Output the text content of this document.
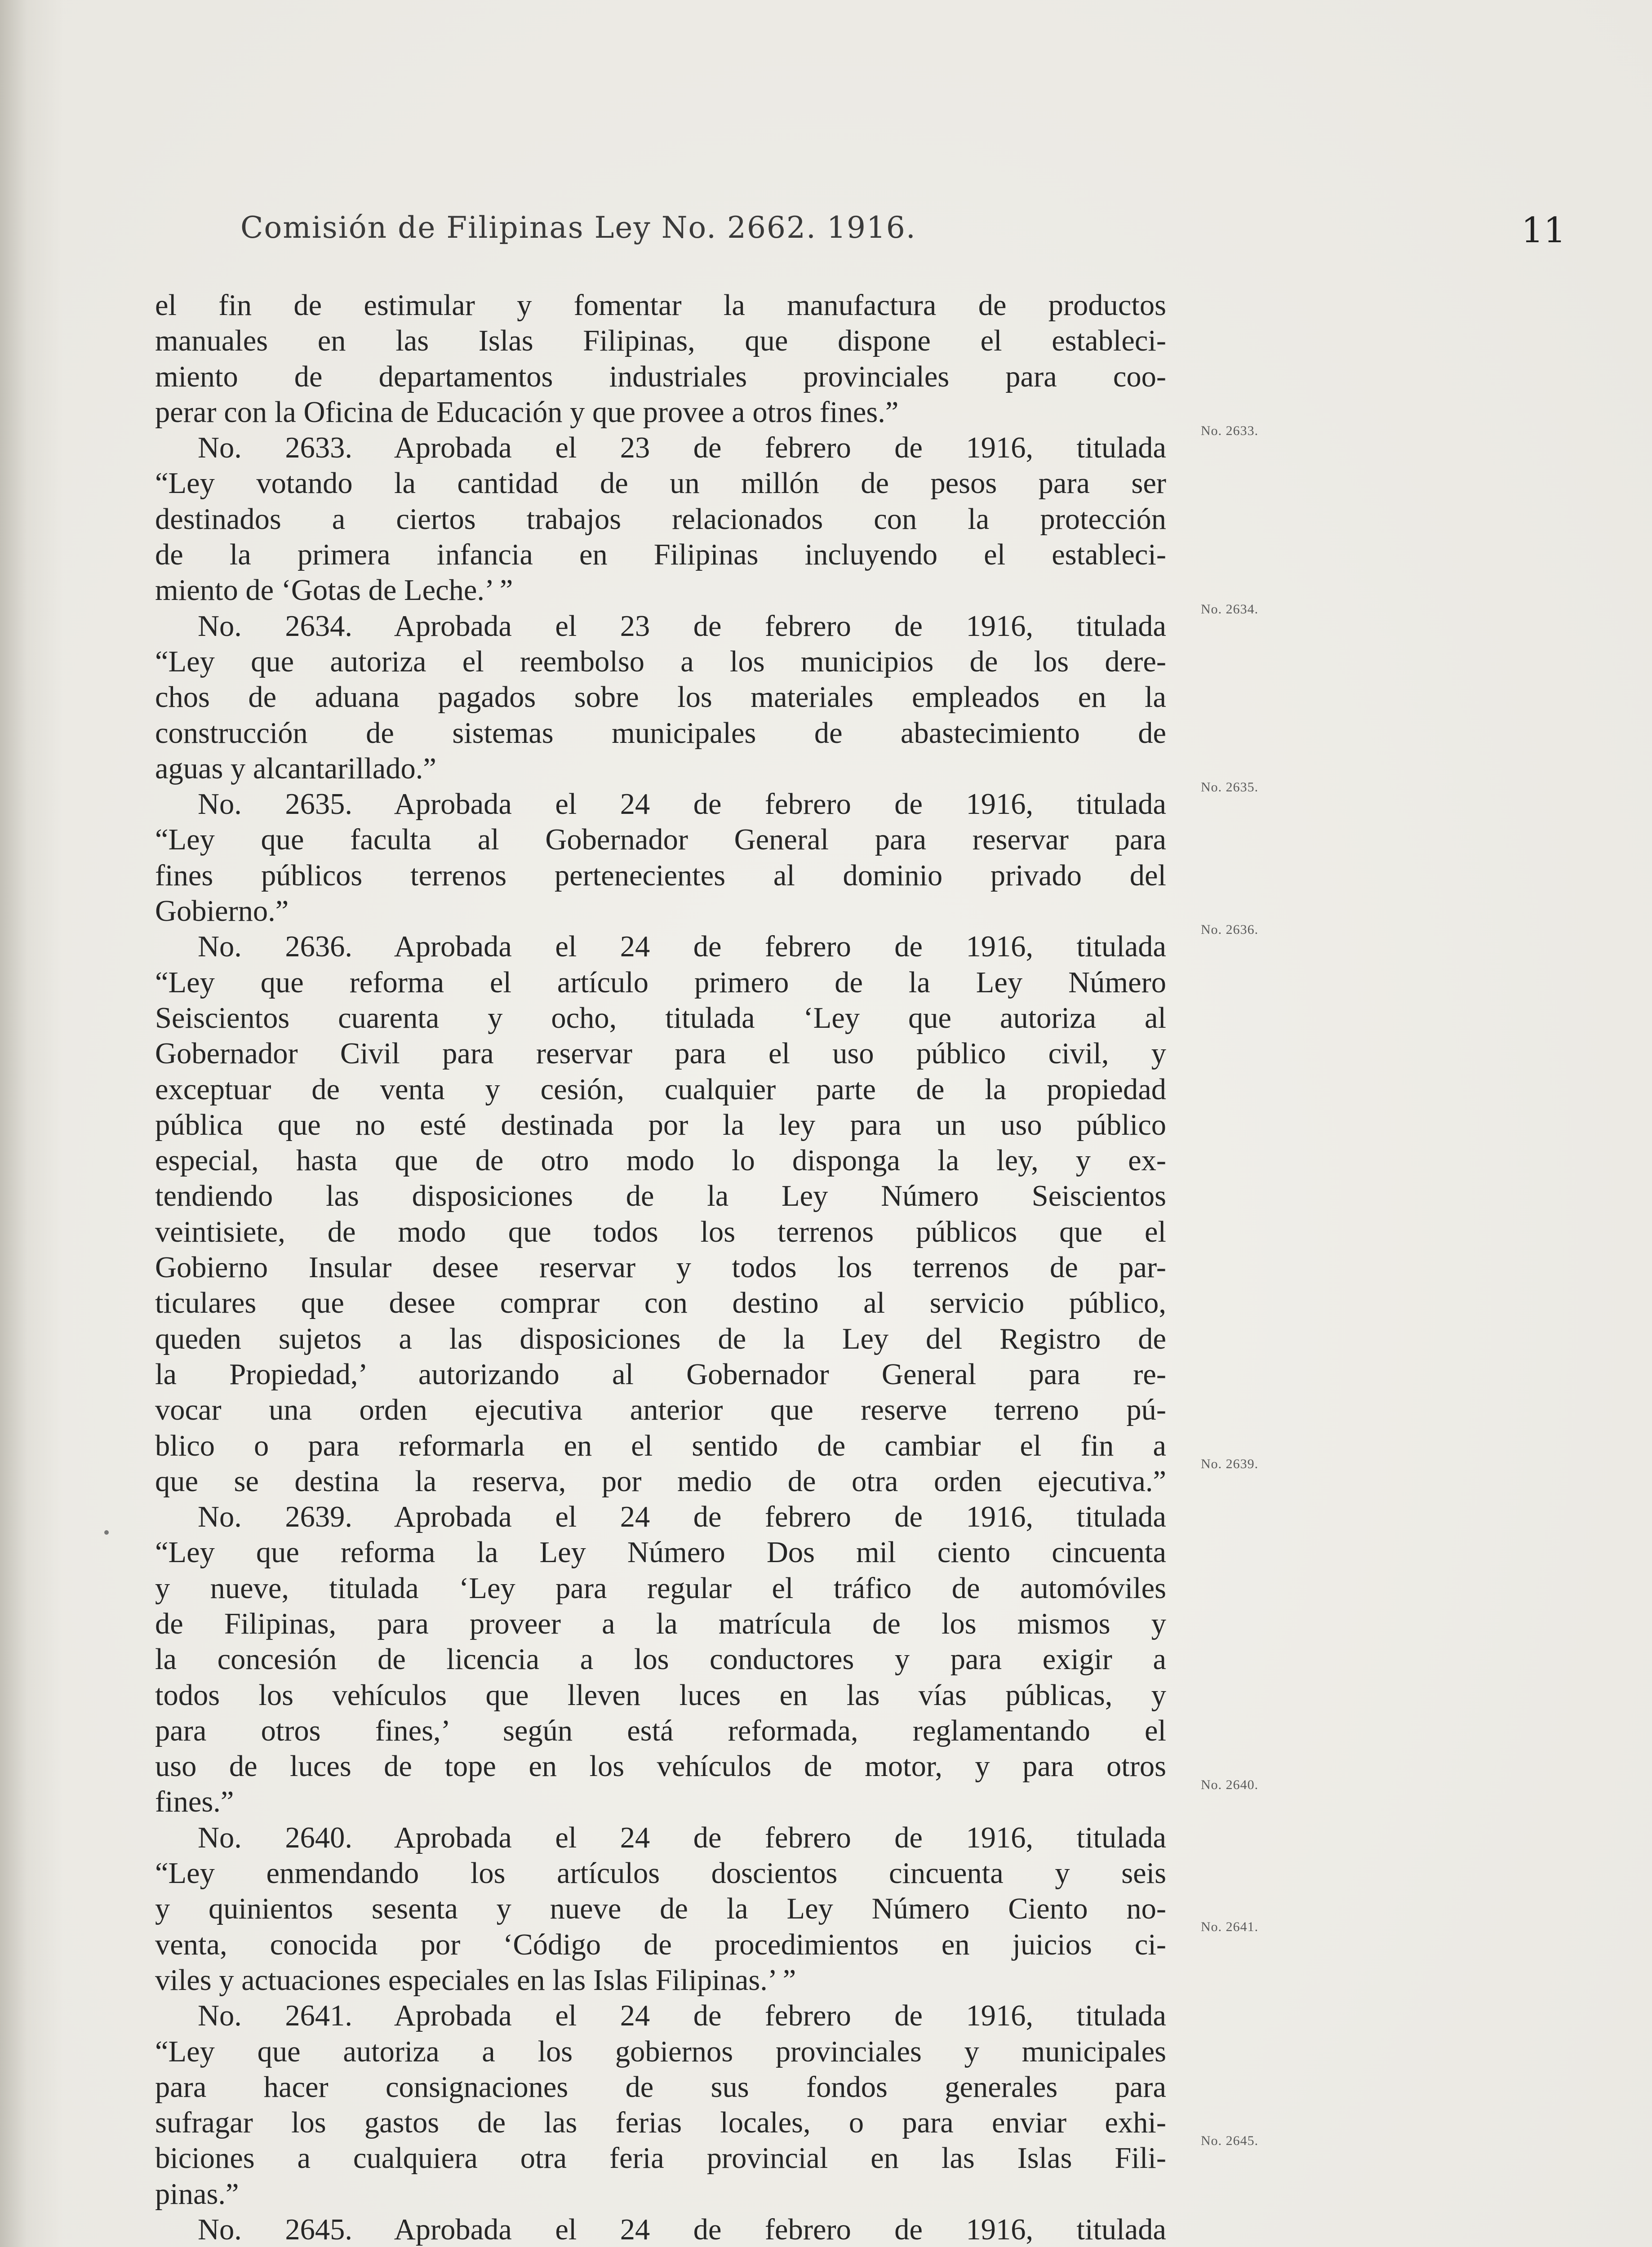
Comisión de Filipinas Ley No. 2662. 1916.	11
el fin de estimular y fomentar la manufactura de productos
manuales en las Islas Filipinas, que dispone el estableci-
miento de departamentos industriales provinciales para coo-
perar con la Oficina de Educación y que provee a otros fines.”
No. 2633. Aprobada el 23 de febrero de 1916, titulada
“Ley votando la cantidad de un millón de pesos para ser
destinados a ciertos trabajos relacionados con la protección
de la primera infancia en Filipinas incluyendo el estableci-
miento de ‘Gotas de Leche.’ ”
No. 2634. Aprobada el 23 de febrero de 1916, titulada
“Ley que autoriza el reembolso a los municipios de los dere-
chos de aduana pagados sobre los materiales empleados en la
construcción de sistemas municipales de abastecimiento de
aguas y alcantarillado.”
No. 2635. Aprobada el 24 de febrero de 1916, titulada
“Ley que faculta al Gobernador General para reservar para
fines públicos terrenos pertenecientes al dominio privado del
Gobierno.”
No. 2636. Aprobada el 24 de febrero de 1916, titulada
“Ley que reforma el artículo primero de la Ley Número
Seiscientos cuarenta y ocho, titulada ‘Ley que autoriza al
Gobernador Civil para reservar para el uso público civil, y
exceptuar de venta y cesión, cualquier parte de la propiedad
pública que no esté destinada por la ley para un uso público
especial, hasta que de otro modo lo disponga la ley, y ex-
tendiendo las disposiciones de la Ley Número Seiscientos
veintisiete, de modo que todos los terrenos públicos que el
Gobierno Insular desee reservar y todos los terrenos de par-
ticulares que desee comprar con destino al servicio público,
queden sujetos a las disposiciones de la Ley del Registro de
la Propiedad,’ autorizando al Gobernador General para re-
vocar una orden ejecutiva anterior que reserve terreno pú-
blico o para reformarla en el sentido de cambiar el fin a
que se destina la reserva, por medio de otra orden ejecutiva.”
No. 2639. Aprobada el 24 de febrero de 1916, titulada
“Ley que reforma la Ley Número Dos mil ciento cincuenta
y nueve, titulada ‘Ley para regular el tráfico de automóviles
de Filipinas, para proveer a la matrícula de los mismos y
la concesión de licencia a los conductores y para exigir a
todos los vehículos que lleven luces en las vías públicas, y
para otros fines,’ según está reformada, reglamentando el
uso de luces de tope en los vehículos de motor, y para otros
fines.”
No. 2640. Aprobada el 24 de febrero de 1916, titulada
“Ley enmendando los artículos doscientos cincuenta y seis
y quinientos sesenta y nueve de la Ley Número Ciento no-
venta, conocida por ‘Código de procedimientos en juicios ci-
viles y actuaciones especiales en las Islas Filipinas.’ ”
No. 2641. Aprobada el 24 de febrero de 1916, titulada
“Ley que autoriza a los gobiernos provinciales y municipales
para hacer consignaciones de sus fondos generales para
sufragar los gastos de las ferias locales, o para enviar exhi-
biciones a cualquiera otra feria provincial en las Islas Fili-
pinas.”
No. 2645. Aprobada el 24 de febrero de 1916, titulada
No. 2633.
No. 2634.
No. 2635.
No. 2636.
No. 2639.
No. 2640.
No. 2641.
No. 2645.
